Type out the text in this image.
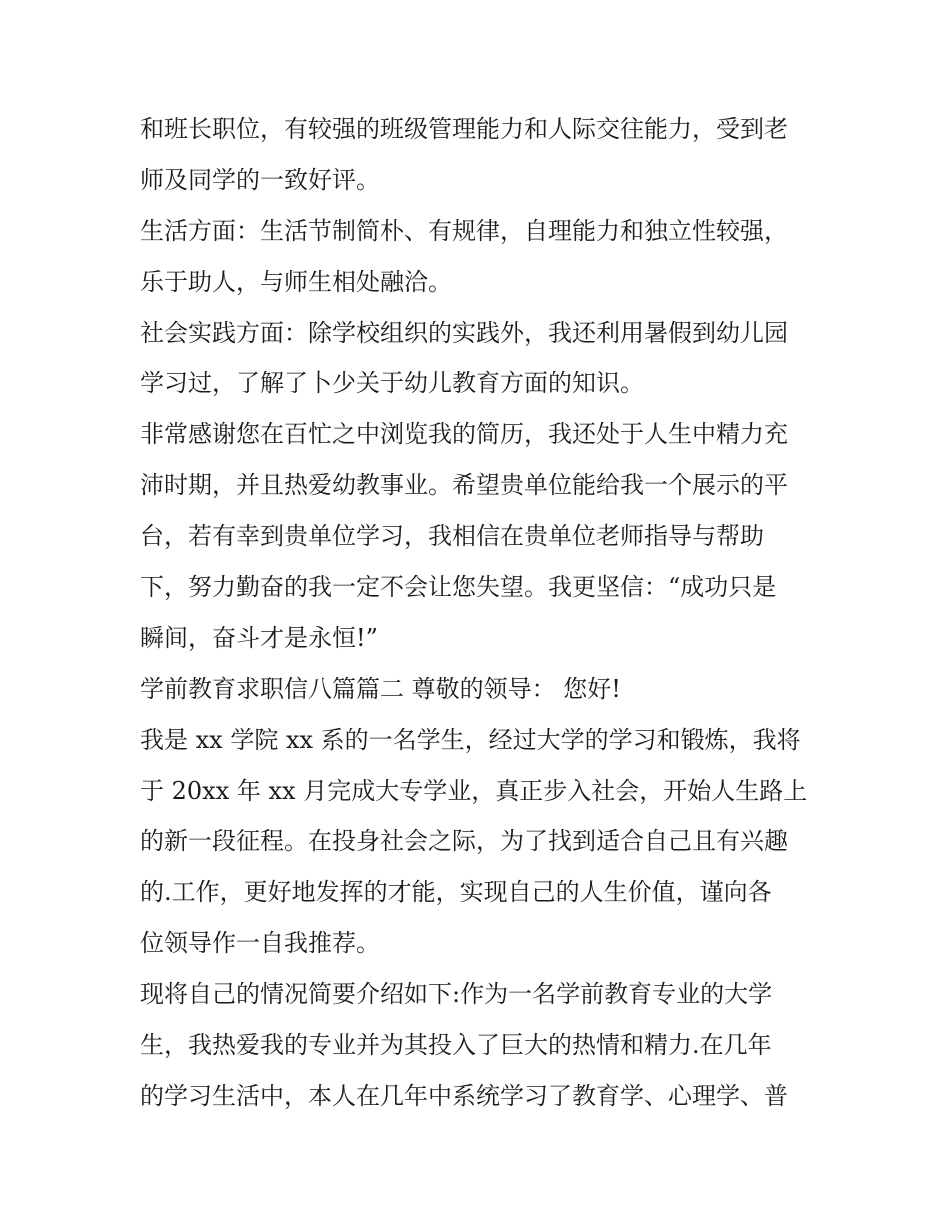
和班长职位，有较强的班级管理能力和人际交往能力，受到老
师及同学的一致好评。
生活方面：生活节制简朴、有规律，自理能力和独立性较强，
乐于助人，与师生相处融洽。
社会实践方面：除学校组织的实践外，我还利用暑假到幼儿园
学习过，了解了卜少关于幼儿教育方面的知识。
非常感谢您在百忙之中浏览我的简历，我还处于人生中精力充
沛时期，并且热爱幼教事业。希望贵单位能给我一个展示的平
台，若有幸到贵单位学习，我相信在贵单位老师指导与帮助
下，努力勤奋的我一定不会让您失望。我更坚信：“成功只是
瞬间，奋斗才是永恒!”
学前教育求职信八篇篇二 尊敬的领导： 您好!
我是 xx 学院 xx 系的一名学生，经过大学的学习和锻炼，我将
于 20xx 年 xx 月完成大专学业，真正步入社会，开始人生路上
的新一段征程。在投身社会之际，为了找到适合自己且有兴趣
的.工作，更好地发挥的才能，实现自己的人生价值，谨向各
位领导作一自我推荐。
现将自己的情况简要介绍如下:作为一名学前教育专业的大学
生，我热爱我的专业并为其投入了巨大的热情和精力.在几年
的学习生活中，本人在几年中系统学习了教育学、心理学、普
